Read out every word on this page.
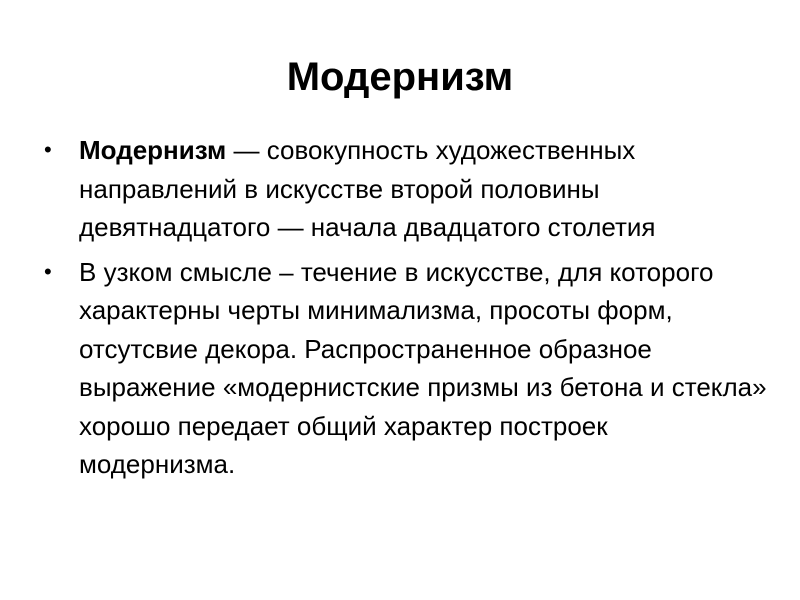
Модернизм
• Модернизм — совокупность художественных направлений в искусстве второй половины девятнадцатого — начала двадцатого столетия
• В узком смысле – течение в искусстве, для которого характерны черты минимализма, просоты форм, отсутсвие декора. Распространенное образное выражение «модернистские призмы из бетона и стекла» хорошо передает общий характер построек модернизма.
